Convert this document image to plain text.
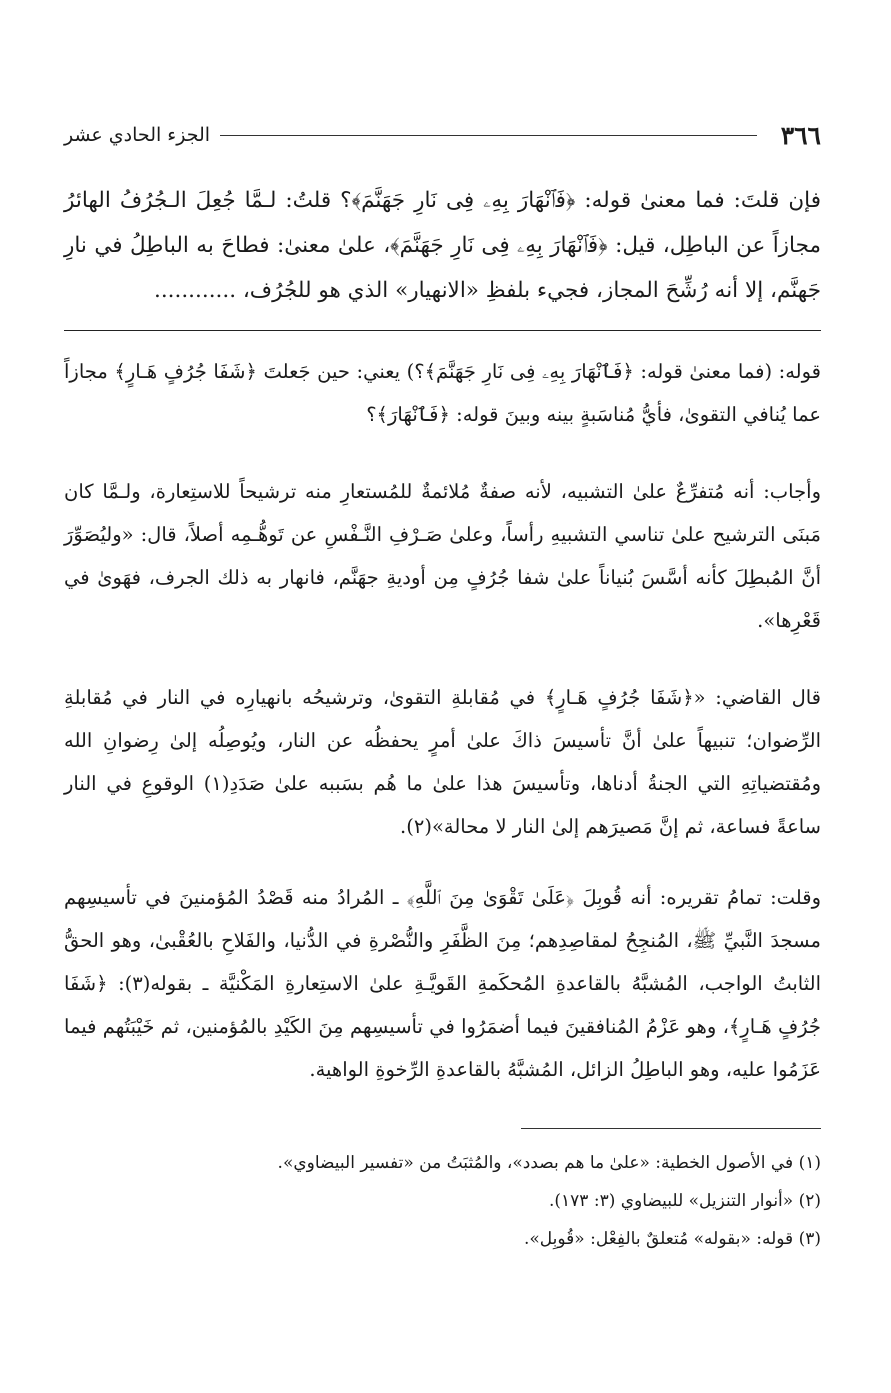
٣٦٦
الجزء الحادي عشر
فإن قلتَ: فما معنىٰ قوله: ﴿فَٱنْهَارَ بِهِۦ فِى نَارِ جَهَنَّمَ﴾؟ قلتُ: لـمَّا جُعِلَ الـجُرُفُ الهائرُ مجازاً عن الباطِل، قيل: ﴿فَٱنْهَارَ بِهِۦ فِى نَارِ جَهَنَّمَ﴾، علىٰ معنىٰ: فطاحَ به الباطِلُ في نارِ جَهنَّم، إلا أنه رُشِّحَ المجاز، فجيء بلفظِ «الانهيار» الذي هو للجُرُف، ............
قوله: (فما معنىٰ قوله: ﴿فَٱنْهَارَ بِهِۦ فِى نَارِ جَهَنَّمَ﴾؟) يعني: حين جَعلتَ ﴿شَفَا جُرُفٍ هَـارٍ﴾ مجازاً عما يُنافي التقوىٰ، فأيُّ مُناسَبةٍ بينه وبينَ قوله: ﴿فَٱنْهَارَ﴾؟
وأجاب: أنه مُتفرِّعٌ علىٰ التشبيه، لأنه صفةٌ مُلائمةٌ للمُستعارِ منه ترشيحاً للاستِعارة، ولـمَّا كان مَبنَى الترشيح علىٰ تناسي التشبيهِ رأساً، وعلىٰ صَـرْفِ النَّـفْسِ عن تَوهُّـمِه أصلاً، قال: «وليُصَوِّرَ أنَّ المُبطِلَ كأنه أسَّسَ بُنياناً علىٰ شفا جُرُفٍ مِن أوديةِ جهَنَّم، فانهار به ذلك الجرف، فهَوىٰ في قَعْرِها».
قال القاضي: «﴿شَفَا جُرُفٍ هَـارٍ﴾ في مُقابلةِ التقوىٰ، وترشيحُه بانهيارِه في النار في مُقابلةِ الرِّضوان؛ تنبيهاً علىٰ أنَّ تأسيسَ ذاكَ علىٰ أمرٍ يحفظُه عن النار، ويُوصِلُه إلىٰ رِضوانِ الله ومُقتضياتِهِ التي الجنةُ أدناها، وتأسيسَ هذا علىٰ ما هُم بسَببه علىٰ صَدَدِ(١) الوقوعِ في النار ساعةً فساعة، ثم إنَّ مَصيرَهم إلىٰ النار لا محالة»(٢).
وقلت: تمامُ تقريره: أنه قُوبِلَ ﴿عَلَىٰ تَقْوَىٰ مِنَ ٱللَّهِ﴾ ـ المُرادُ منه قَصْدُ المُؤمنينَ في تأسيسِهم مسجدَ النَّبيِّ ﷺ، المُنجِحُ لمقاصِدِهم؛ مِنَ الظَّفَرِ والنُّصْرةِ في الدُّنيا، والفَلاحِ بالعُقْبىٰ، وهو الحقُّ الثابتُ الواجب، المُشبَّهُ بالقاعدةِ المُحكَمةِ القَويَّـةِ علىٰ الاستِعارةِ المَكْنيَّة ـ بقوله(٣): ﴿شَفَا جُرُفٍ هَـارٍ﴾، وهو عَزْمُ المُنافقينَ فيما أضمَرُوا في تأسيسِهم مِنَ الكَيْدِ بالمُؤمنين، ثم خَيْبَتُهم فيما عَزَمُوا عليه، وهو الباطِلُ الزائل، المُشبَّهُ بالقاعدةِ الرِّخوةِ الواهية.
(١) في الأصول الخطية: «علىٰ ما هم بصدد»، والمُثبَتُ من «تفسير البيضاوي».
(٢) «أنوار التنزيل» للبيضاوي (٣: ١٧٣).
(٣) قوله: «بقوله» مُتعلقٌ بالفِعْل: «قُوبِل».
